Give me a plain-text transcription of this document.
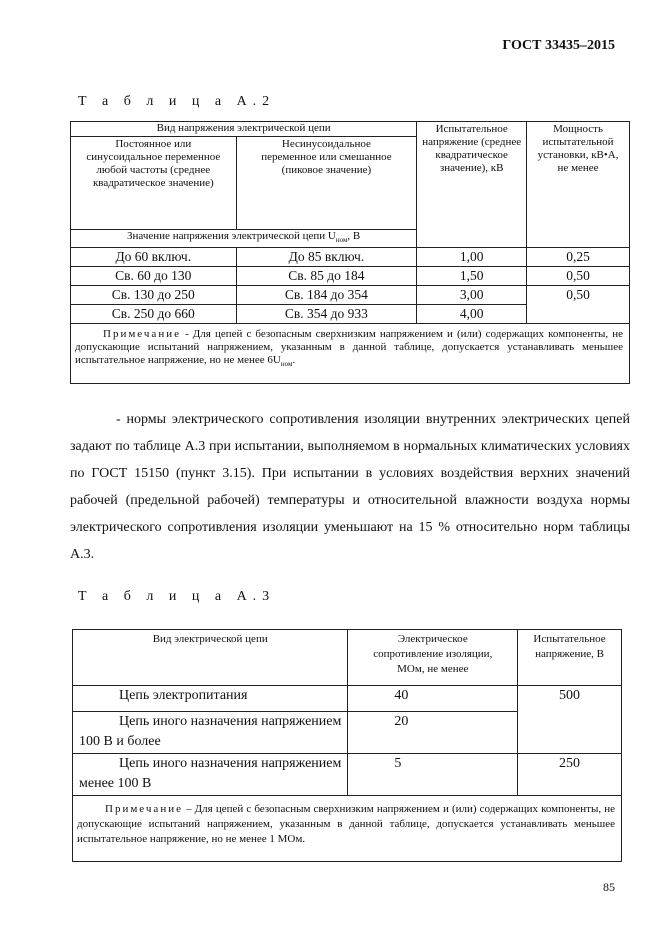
ГОСТ 33435–2015
Т а б л и ц а А.2
Вид напряжения электрической цепи		Испытательное напряжение (среднее квадратическое значение), кВ	Мощность испытательной установки, кВ•А, не менее
Постоянное или синусоидальное переменное любой частоты (среднее квадратическое значение)	Несинусоидальное переменное или смешанное (пиковое значение)		
Значение напряжения электрической цепи $U_{ном}$, В			
До 60 включ.	До 85 включ.	1,00	0,25
Св. 60 до 130	Св. 85 до 184	1,50	0,50
Св. 130 до 250	Св. 184 до 354	3,00	0,50
Св. 250 до 660	Св. 354 до 933	4,00	
Примечание - Для цепей с безопасным сверхнизким напряжением и (или) содержащих компоненты, не допускающие испытаний напряжением, указанным в данной таблице, допускается устанавливать меньшее испытательное напряжение, но не менее $6U_{ном}$.			
- нормы электрического сопротивления изоляции внутренних электрических цепей задают по таблице А.3 при испытании, выполняемом в нормальных климатических условиях по ГОСТ 15150 (пункт 3.15). При испытании в условиях воздействия верхних значений рабочей (предельной рабочей) температуры и относительной влажности воздуха нормы электрического сопротивления изоляции уменьшают на 15 % относительно норм таблицы А.3.
Т а б л и ц а А.3
Вид электрической цепи	Электрическое сопротивление изоляции, МОм, не менее	Испытательное напряжение, В
Цепь электропитания	40	500
Цепь иного назначения напряжением 100 В и более	20	
Цепь иного назначения напряжением менее 100 В	5	250
Примечание – Для цепей с безопасным сверхнизким напряжением и (или) содержащих компоненты, не допускающие испытаний напряжением, указанным в данной таблице, допускается устанавливать меньшее испытательное напряжение, но не менее 1 МОм.		
85
